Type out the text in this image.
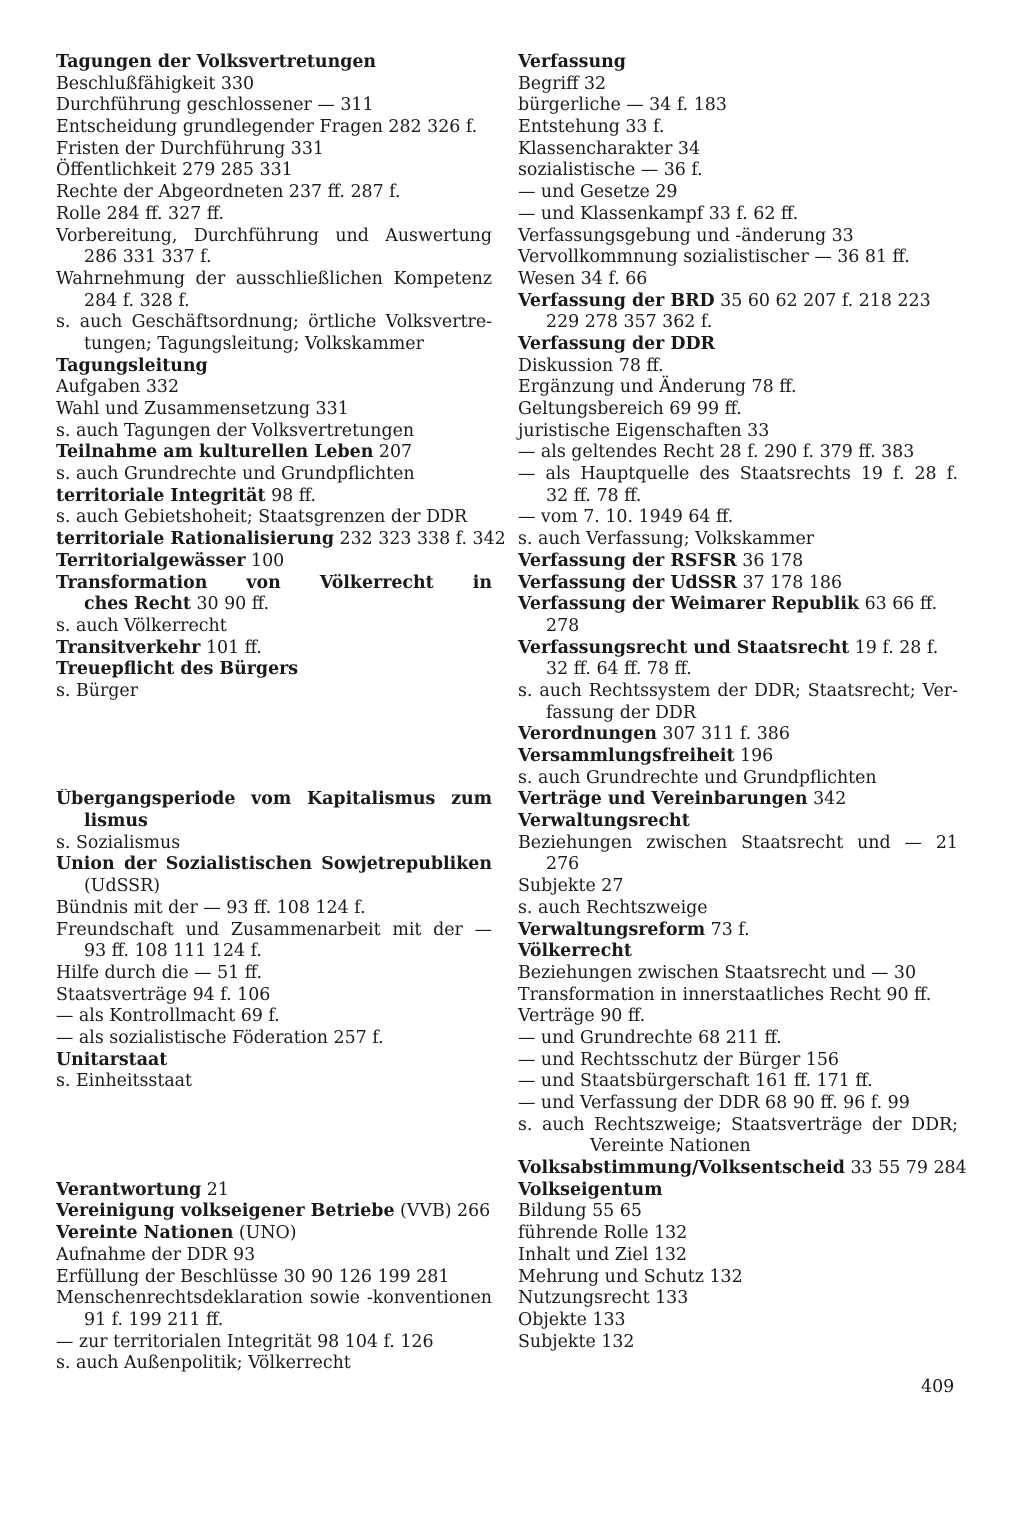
Tagungen der Volksvertretungen
Beschlußfähigkeit 330
Durchführung geschlossener — 311
Entscheidung grundlegender Fragen 282 326 f.
Fristen der Durchführung 331
Öffentlichkeit 279 285 331
Rechte der Abgeordneten 237 ff. 287 f.
Rolle 284 ff. 327 ff.
Vorbereitung, Durchführung und Auswertung
286 331 337 f.
Wahrnehmung der ausschließlichen Kompetenz
284 f. 328 f.
s. auch Geschäftsordnung; örtliche Volksvertre-
tungen; Tagungsleitung; Volkskammer
Tagungsleitung
Aufgaben 332
Wahl und Zusammensetzung 331
s. auch Tagungen der Volksvertretungen
Teilnahme am kulturellen Leben 207
s. auch Grundrechte und Grundpflichten
territoriale Integrität 98 ff.
s. auch Gebietshoheit; Staatsgrenzen der DDR
territoriale Rationalisierung 232 323 338 f. 342
Territorialgewässer 100
Transformation von Völkerrecht in
ches Recht 30 90 ff.
s. auch Völkerrecht
Transitverkehr 101 ff.
Treuepflicht des Bürgers
s. Bürger
Übergangsperiode vom Kapitalismus zum
lismus
s. Sozialismus
Union der Sozialistischen Sowjetrepubliken
(UdSSR)
Bündnis mit der — 93 ff. 108 124 f.
Freundschaft und Zusammenarbeit mit der —
93 ff. 108 111 124 f.
Hilfe durch die — 51 ff.
Staatsverträge 94 f. 106
— als Kontrollmacht 69 f.
— als sozialistische Föderation 257 f.
Unitarstaat
s. Einheitsstaat
Verantwortung 21
Vereinigung volkseigener Betriebe (VVB) 266
Vereinte Nationen (UNO)
Aufnahme der DDR 93
Erfüllung der Beschlüsse 30 90 126 199 281
Menschenrechtsdeklaration sowie -konventionen
91 f. 199 211 ff.
— zur territorialen Integrität 98 104 f. 126
s. auch Außenpolitik; Völkerrecht
Verfassung
Begriff 32
bürgerliche — 34 f. 183
Entstehung 33 f.
Klassencharakter 34
sozialistische — 36 f.
— und Gesetze 29
— und Klassenkampf 33 f. 62 ff.
Verfassungsgebung und -änderung 33
Vervollkommnung sozialistischer — 36 81 ff.
Wesen 34 f. 66
Verfassung der BRD 35 60 62 207 f. 218 223
229 278 357 362 f.
Verfassung der DDR
Diskussion 78 ff.
Ergänzung und Änderung 78 ff.
Geltungsbereich 69 99 ff.
juristische Eigenschaften 33
— als geltendes Recht 28 f. 290 f. 379 ff. 383
— als Hauptquelle des Staatsrechts 19 f. 28 f.
32 ff. 78 ff.
— vom 7. 10. 1949 64 ff.
s. auch Verfassung; Volkskammer
Verfassung der RSFSR 36 178
Verfassung der UdSSR 37 178 186
Verfassung der Weimarer Republik 63 66 ff.
278
Verfassungsrecht und Staatsrecht 19 f. 28 f.
32 ff. 64 ff. 78 ff.
s. auch Rechtssystem der DDR; Staatsrecht; Ver-
fassung der DDR
Verordnungen 307 311 f. 386
Versammlungsfreiheit 196
s. auch Grundrechte und Grundpflichten
Verträge und Vereinbarungen 342
Verwaltungsrecht
Beziehungen zwischen Staatsrecht und — 21
276
Subjekte 27
s. auch Rechtszweige
Verwaltungsreform 73 f.
Völkerrecht
Beziehungen zwischen Staatsrecht und — 30
Transformation in innerstaatliches Recht 90 ff.
Verträge 90 ff.
— und Grundrechte 68 211 ff.
— und Rechtsschutz der Bürger 156
— und Staatsbürgerschaft 161 ff. 171 ff.
— und Verfassung der DDR 68 90 ff. 96 f. 99
s. auch Rechtszweige; Staatsverträge der DDR;
Vereinte Nationen
Volksabstimmung/Volksentscheid 33 55 79 284
Volkseigentum
Bildung 55 65
führende Rolle 132
Inhalt und Ziel 132
Mehrung und Schutz 132
Nutzungsrecht 133
Objekte 133
Subjekte 132
409
